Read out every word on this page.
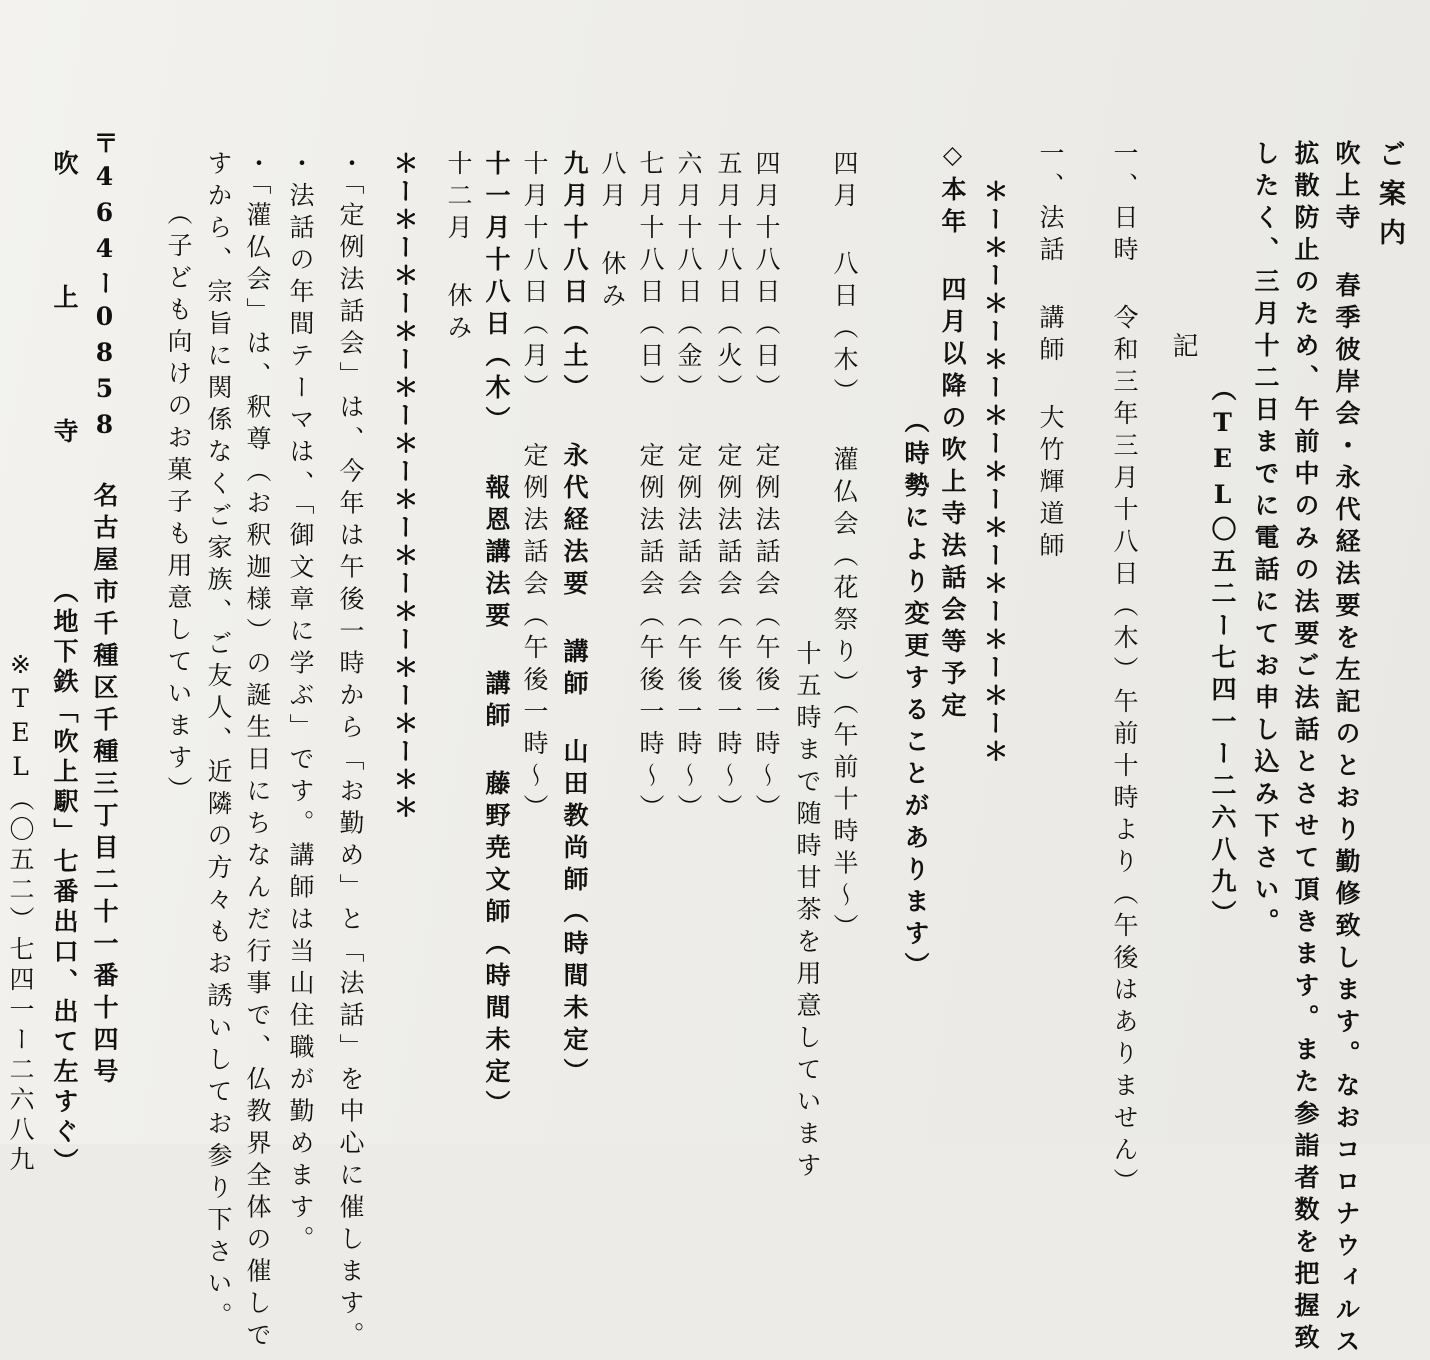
ご案内
吹上寺 春季彼岸会・永代経法要を左記のとおり勤修致します。なおコロナウィルス
拡散防止のため、午前中のみの法要ご法話とさせて頂きます。また参詣者数を把握致
したく、三月十二日までに電話にてお申し込み下さい。
（TEL〇五二ー七四一ー二六八九）
記
一、日時 令和三年三月十八日（木）午前十時より（午後はありません）
一、法話 講師 大竹輝道師
＊ー＊ー＊ー＊ー＊ー＊ー＊ー＊ー＊ー＊ー＊
◇本年 四月以降の吹上寺法話会等予定
（時勢により変更することがあります）
四月 八日（木） 灌仏会（花祭り）（午前十時半〜）
十五時まで随時甘茶を用意しています
四月十八日（日） 定例法話会（午後一時〜）
五月十八日（火） 定例法話会（午後一時〜）
六月十八日（金） 定例法話会（午後一時〜）
七月十八日（日） 定例法話会（午後一時〜）
八月 休み
九月十八日（土） 永代経法要 講師 山田教尚師（時間未定）
十月十八日（月） 定例法話会（午後一時〜）
十一月十八日（木） 報恩講法要 講師 藤野尭文師（時間未定）
十二月 休み
＊ー＊ー＊ー＊ー＊ー＊ー＊ー＊ー＊ー＊ー＊ー＊＊
・「定例法話会」は、今年は午後一時から「お勤め」と「法話」を中心に催します。
・法話の年間テーマは、「御文章に学ぶ」です。講師は当山住職が勤めます。
・「灌仏会」は、釈尊（お釈迦様）の誕生日にちなんだ行事で、仏教界全体の催しで
すから、宗旨に関係なくご家族、ご友人、近隣の方々もお誘いしてお参り下さい。
（子ども向けのお菓子も用意しています）
〒464ー0858 名古屋市千種区千種三丁目二十一番十四号
吹 上 寺
（地下鉄「吹上駅」七番出口、出て左すぐ）
※TEL（〇五二）七四一ー二六八九
